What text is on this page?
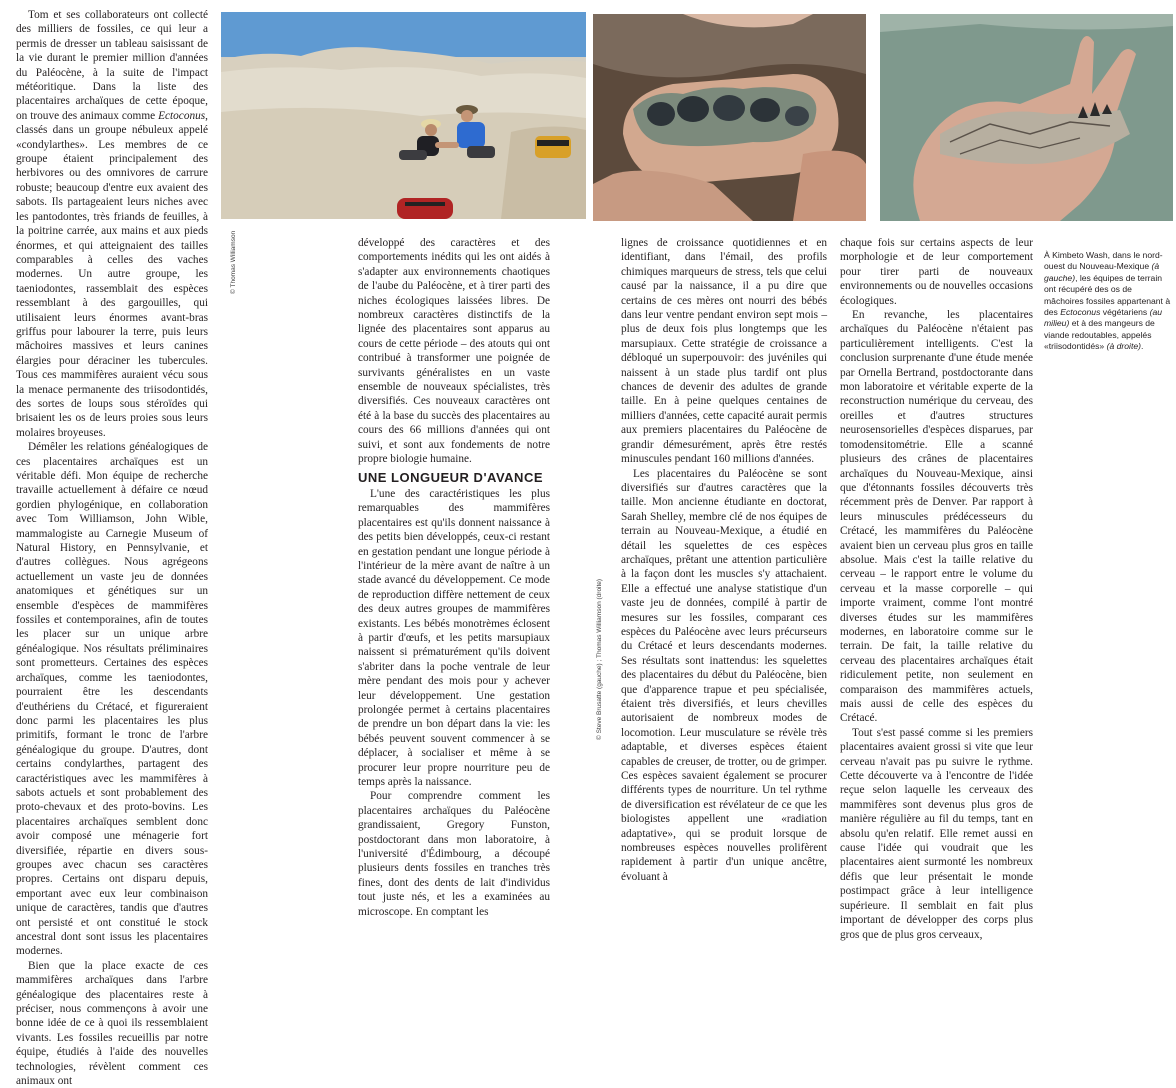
Tom et ses collaborateurs ont collecté des milliers de fossiles, ce qui leur a permis de dresser un tableau saisissant de la vie durant le premier million d'années du Paléocène, à la suite de l'impact météoritique. Dans la liste des placentaires archaïques de cette époque, on trouve des animaux comme Ectoconus, classés dans un groupe nébuleux appelé «condylarthes». Les membres de ce groupe étaient principalement des herbivores ou des omnivores de carrure robuste; beaucoup d'entre eux avaient des sabots. Ils partageaient leurs niches avec les pantodontes, très friands de feuilles, à la poitrine carrée, aux mains et aux pieds énormes, et qui atteignaient des tailles comparables à celles des vaches modernes. Un autre groupe, les taeniodontes, rassemblait des espèces ressemblant à des gargouilles, qui utilisaient leurs énormes avant-bras griffus pour labourer la terre, puis leurs mâchoires massives et leurs canines élargies pour déraciner les tubercules. Tous ces mammifères auraient vécu sous la menace permanente des triisodontidés, des sortes de loups sous stéroïdes qui brisaient les os de leurs proies sous leurs molaires broyeuses.

Démêler les relations généalogiques de ces placentaires archaïques est un véritable défi. Mon équipe de recherche travaille actuellement à défaire ce nœud gordien phylogénique, en collaboration avec Tom Williamson, John Wible, mammalogiste au Carnegie Museum of Natural History, en Pennsylvanie, et d'autres collègues. Nous agrégeons actuellement un vaste jeu de données anatomiques et génétiques sur un ensemble d'espèces de mammifères fossiles et contemporaines, afin de toutes les placer sur un unique arbre généalogique. Nos résultats préliminaires sont prometteurs. Certaines des espèces archaïques, comme les taeniodontes, pourraient être les descendants d'euthériens du Crétacé, et figureraient donc parmi les placentaires les plus primitifs, formant le tronc de l'arbre généalogique du groupe. D'autres, dont certains condylarthes, partagent des caractéristiques avec les mammifères à sabots actuels et sont probablement des proto-chevaux et des proto-bovins. Les placentaires archaïques semblent donc avoir composé une ménagerie fort diversifiée, répartie en divers sous-groupes avec chacun ses caractères propres. Certains ont disparu depuis, emportant avec eux leur combinaison unique de caractères, tandis que d'autres ont persisté et ont constitué le stock ancestral dont sont issus les placentaires modernes.

Bien que la place exacte de ces mammifères archaïques dans l'arbre généalogique des placentaires reste à préciser, nous commençons à avoir une bonne idée de ce à quoi ils ressemblaient vivants. Les fossiles recueillis par notre équipe, étudiés à l'aide des nouvelles technologies, révèlent comment ces animaux ont

© Thomas Williamson
© Steve Brusatte (gauche) ; Thomas Williamson (droite)

développé des caractères et des comportements inédits qui les ont aidés à s'adapter aux environnements chaotiques de l'aube du Paléocène, et à tirer parti des niches écologiques laissées libres. De nombreux caractères distinctifs de la lignée des placentaires sont apparus au cours de cette période – des atouts qui ont contribué à transformer une poignée de survivants généralistes en un vaste ensemble de nouveaux spécialistes, très diversifiés. Ces nouveaux caractères ont été à la base du succès des placentaires au cours des 66 millions d'années qui ont suivi, et sont aux fondements de notre propre biologie humaine.

UNE LONGUEUR D'AVANCE

L'une des caractéristiques les plus remarquables des mammifères placentaires est qu'ils donnent naissance à des petits bien développés, ceux-ci restant en gestation pendant une longue période à l'intérieur de la mère avant de naître à un stade avancé du développement. Ce mode de reproduction diffère nettement de ceux des deux autres groupes de mammifères existants. Les bébés monotrèmes éclosent à partir d'œufs, et les petits marsupiaux naissent si prématurément qu'ils doivent s'abriter dans la poche ventrale de leur mère pendant des mois pour y achever leur développement. Une gestation prolongée permet à certains placentaires de prendre un bon départ dans la vie: les bébés peuvent souvent commencer à se déplacer, à socialiser et même à se procurer leur propre nourriture peu de temps après la naissance.

Pour comprendre comment les placentaires archaïques du Paléocène grandissaient, Gregory Funston, postdoctorant dans mon laboratoire, à l'université d'Édimbourg, a découpé plusieurs dents fossiles en tranches très fines, dont des dents de lait d'individus tout juste nés, et les a examinées au microscope. En comptant les

lignes de croissance quotidiennes et en identifiant, dans l'émail, des profils chimiques marqueurs de stress, tels que celui causé par la naissance, il a pu dire que certains de ces mères ont nourri des bébés dans leur ventre pendant environ sept mois – plus de deux fois plus longtemps que les marsupiaux. Cette stratégie de croissance a débloqué un superpouvoir: des juvéniles qui naissent à un stade plus tardif ont plus chances de devenir des adultes de grande taille. En à peine quelques centaines de milliers d'années, cette capacité aurait permis aux premiers placentaires du Paléocène de grandir démesurément, après être restés minuscules pendant 160 millions d'années.

Les placentaires du Paléocène se sont diversifiés sur d'autres caractères que la taille. Mon ancienne étudiante en doctorat, Sarah Shelley, membre clé de nos équipes de terrain au Nouveau-Mexique, a étudié en détail les squelettes de ces espèces archaïques, prêtant une attention particulière à la façon dont les muscles s'y attachaient. Elle a effectué une analyse statistique d'un vaste jeu de données, compilé à partir de mesures sur les fossiles, comparant ces espèces du Paléocène avec leurs précurseurs du Crétacé et leurs descendants modernes. Ses résultats sont inattendus: les squelettes des placentaires du début du Paléocène, bien que d'apparence trapue et peu spécialisée, étaient très diversifiés, et leurs chevilles autorisaient de nombreux modes de locomotion. Leur musculature se révèle très adaptable, et diverses espèces étaient capables de creuser, de trotter, ou de grimper. Ces espèces savaient également se procurer différents types de nourriture. Un tel rythme de diversification est révélateur de ce que les biologistes appellent une «radiation adaptative», qui se produit lorsque de nombreuses espèces nouvelles prolifèrent rapidement à partir d'un unique ancêtre, évoluant à

chaque fois sur certains aspects de leur morphologie et de leur comportement pour tirer parti de nouveaux environnements ou de nouvelles occasions écologiques.

En revanche, les placentaires archaïques du Paléocène n'étaient pas particulièrement intelligents. C'est la conclusion surprenante d'une étude menée par Ornella Bertrand, postdoctorante dans mon laboratoire et véritable experte de la reconstruction numérique du cerveau, des oreilles et d'autres structures neurosensorielles d'espèces disparues, par tomodensitométrie. Elle a scanné plusieurs des crânes de placentaires archaïques du Nouveau-Mexique, ainsi que d'étonnants fossiles découverts très récemment près de Denver. Par rapport à leurs minuscules prédécesseurs du Crétacé, les mammifères du Paléocène avaient bien un cerveau plus gros en taille absolue. Mais c'est la taille relative du cerveau – le rapport entre le volume du cerveau et la masse corporelle – qui importe vraiment, comme l'ont montré diverses études sur les mammifères modernes, en laboratoire comme sur le terrain. De fait, la taille relative du cerveau des placentaires archaïques était ridiculement petite, non seulement en comparaison des mammifères actuels, mais aussi de celle des espèces du Crétacé.

Tout s'est passé comme si les premiers placentaires avaient grossi si vite que leur cerveau n'avait pas pu suivre le rythme. Cette découverte va à l'encontre de l'idée reçue selon laquelle les cerveaux des mammifères sont devenus plus gros de manière régulière au fil du temps, tant en absolu qu'en relatif. Elle remet aussi en cause l'idée qui voudrait que les placentaires aient surmonté les nombreux défis que leur présentait le monde postimpact grâce à leur intelligence supérieure. Il semblait en fait plus important de développer des corps plus gros que de plus gros cerveaux,

À Kimbeto Wash, dans le nord-ouest du Nouveau-Mexique (à gauche), les équipes de terrain ont récupéré des os de mâchoires fossiles appartenant à des Ectoconus végétariens (au milieu) et à des mangeurs de viande redoutables, appelés «triisodontidés» (à droite).
